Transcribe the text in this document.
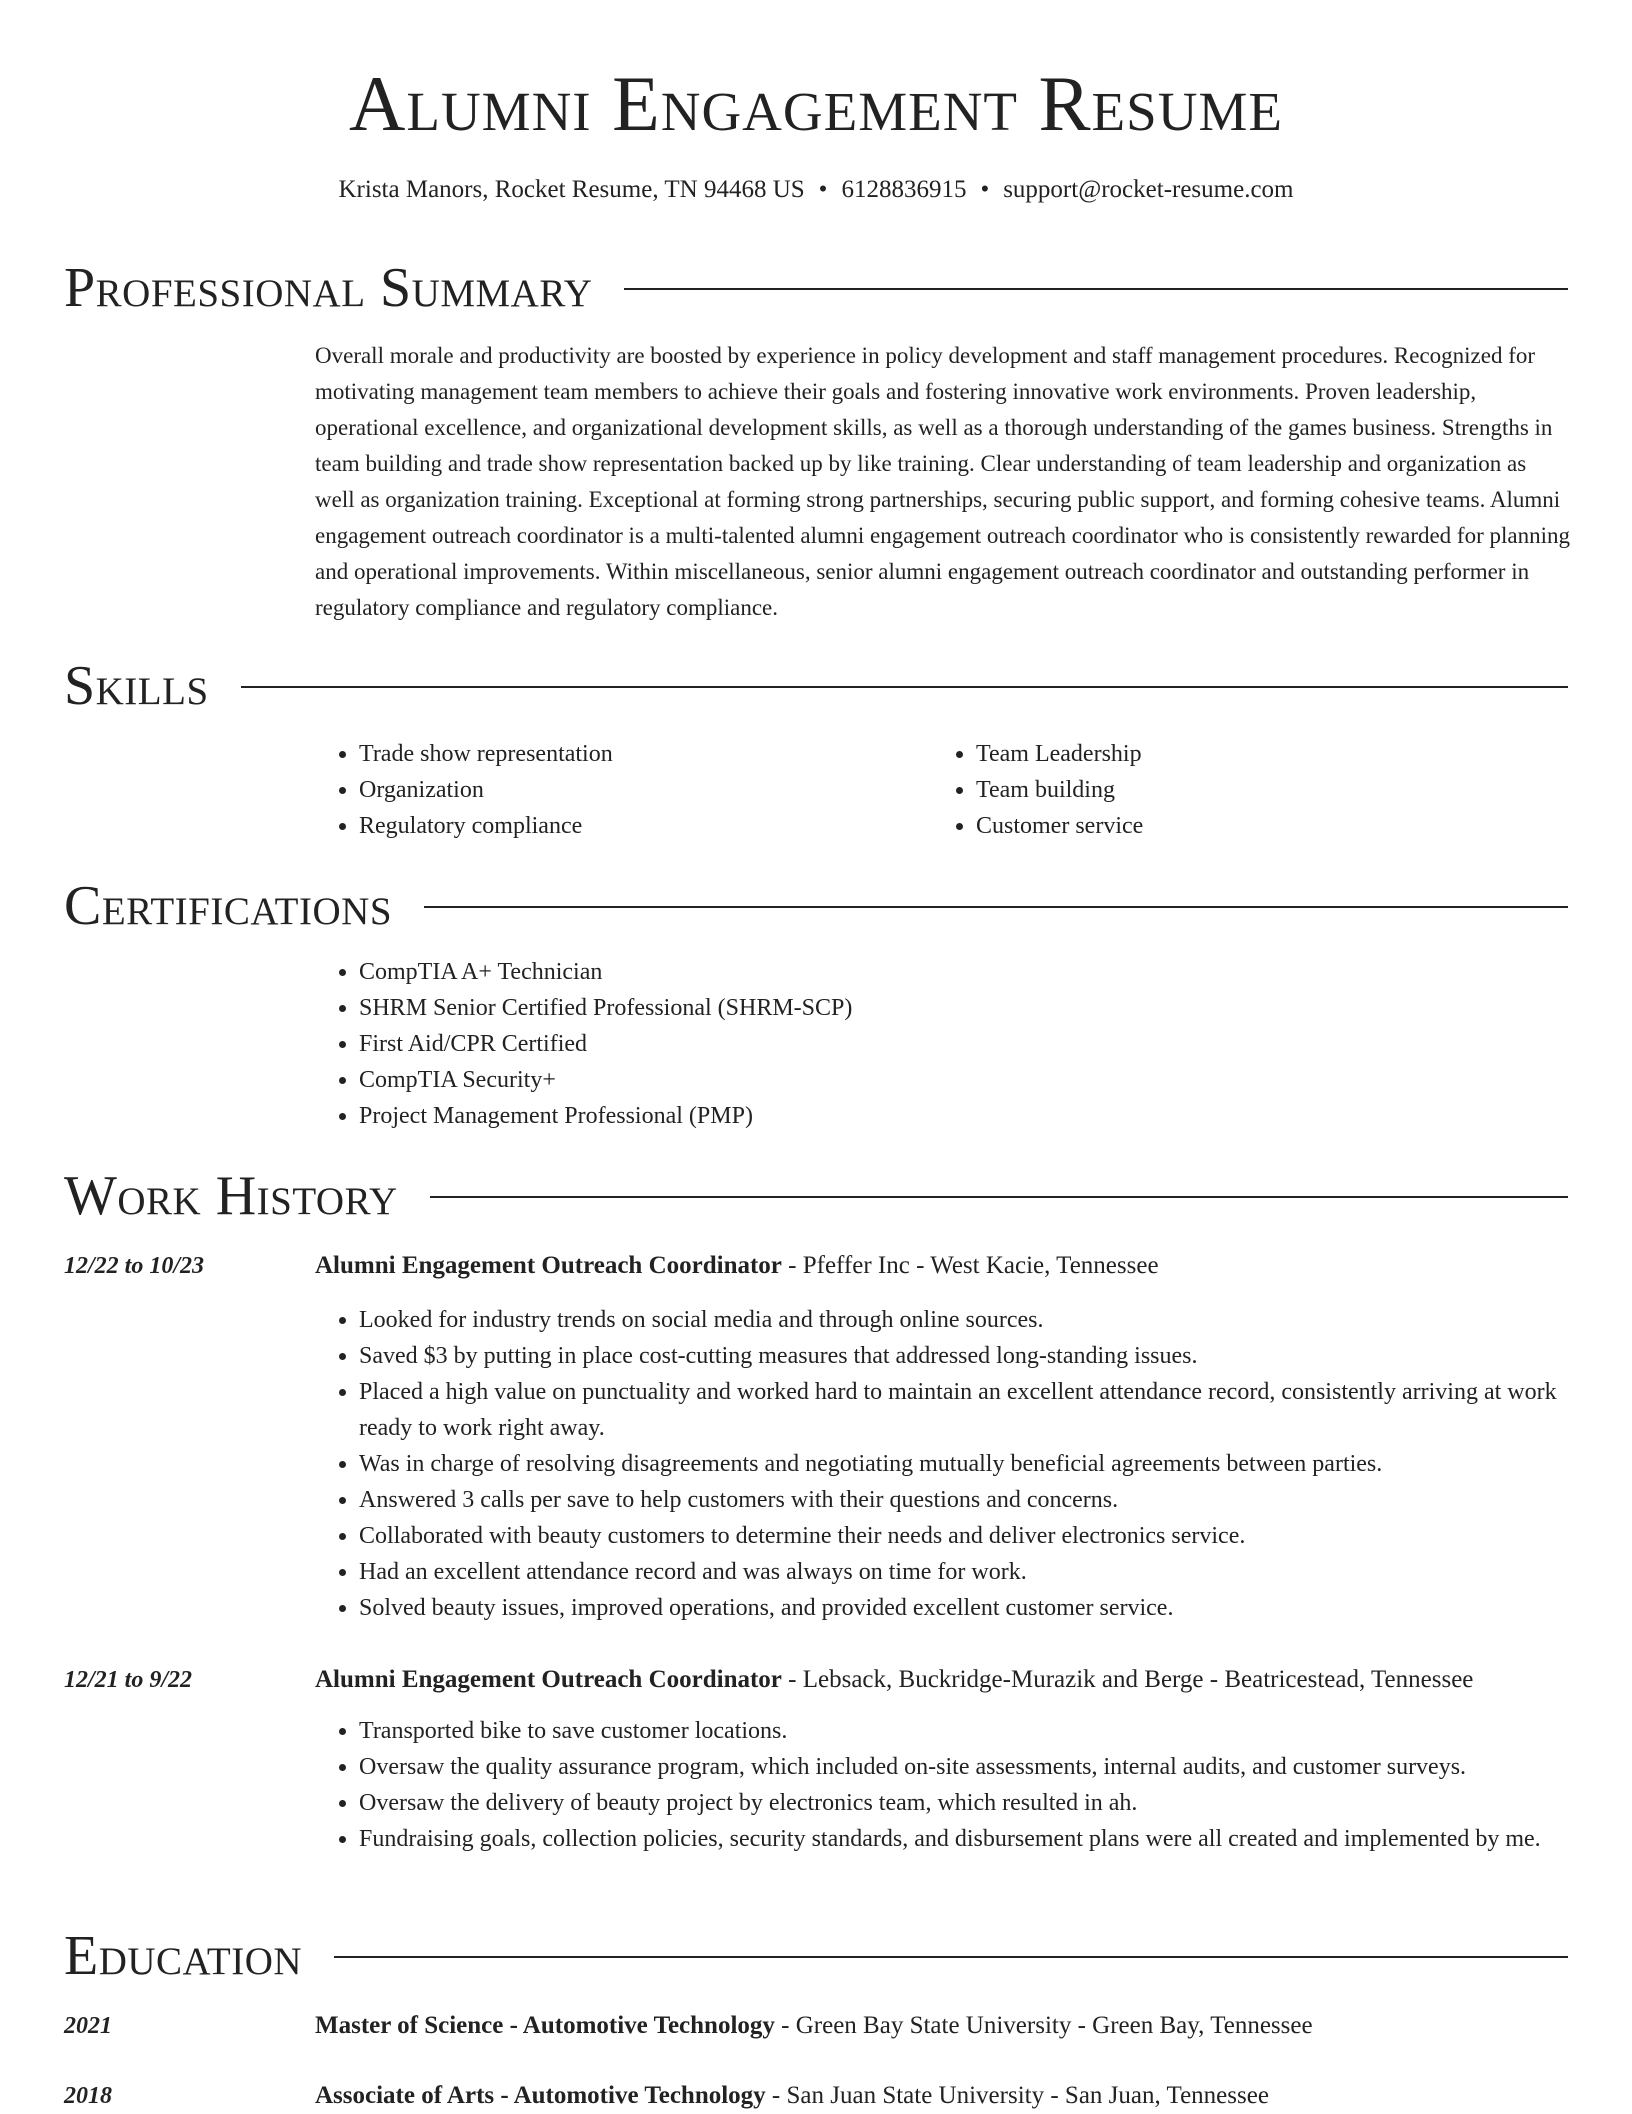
Alumni Engagement Resume
Krista Manors, Rocket Resume, TN 94468 US • 6128836915 • support@rocket-resume.com
Professional Summary
Overall morale and productivity are boosted by experience in policy development and staff management procedures. Recognized for motivating management team members to achieve their goals and fostering innovative work environments. Proven leadership, operational excellence, and organizational development skills, as well as a thorough understanding of the games business. Strengths in team building and trade show representation backed up by like training. Clear understanding of team leadership and organization as well as organization training. Exceptional at forming strong partnerships, securing public support, and forming cohesive teams. Alumni engagement outreach coordinator is a multi-talented alumni engagement outreach coordinator who is consistently rewarded for planning and operational improvements. Within miscellaneous, senior alumni engagement outreach coordinator and outstanding performer in regulatory compliance and regulatory compliance.
Skills
• Trade show representation
• Organization
• Regulatory compliance
• Team Leadership
• Team building
• Customer service
Certifications
• CompTIA A+ Technician
• SHRM Senior Certified Professional (SHRM-SCP)
• First Aid/CPR Certified
• CompTIA Security+
• Project Management Professional (PMP)
Work History
12/22 to 10/23	Alumni Engagement Outreach Coordinator - Pfeffer Inc - West Kacie, Tennessee
• Looked for industry trends on social media and through online sources.
• Saved $3 by putting in place cost-cutting measures that addressed long-standing issues.
• Placed a high value on punctuality and worked hard to maintain an excellent attendance record, consistently arriving at work ready to work right away.
• Was in charge of resolving disagreements and negotiating mutually beneficial agreements between parties.
• Answered 3 calls per save to help customers with their questions and concerns.
• Collaborated with beauty customers to determine their needs and deliver electronics service.
• Had an excellent attendance record and was always on time for work.
• Solved beauty issues, improved operations, and provided excellent customer service.
12/21 to 9/22	Alumni Engagement Outreach Coordinator - Lebsack, Buckridge-Murazik and Berge - Beatricestead, Tennessee
• Transported bike to save customer locations.
• Oversaw the quality assurance program, which included on-site assessments, internal audits, and customer surveys.
• Oversaw the delivery of beauty project by electronics team, which resulted in ah.
• Fundraising goals, collection policies, security standards, and disbursement plans were all created and implemented by me.
Education
2021	Master of Science - Automotive Technology - Green Bay State University - Green Bay, Tennessee
2018	Associate of Arts - Automotive Technology - San Juan State University - San Juan, Tennessee
